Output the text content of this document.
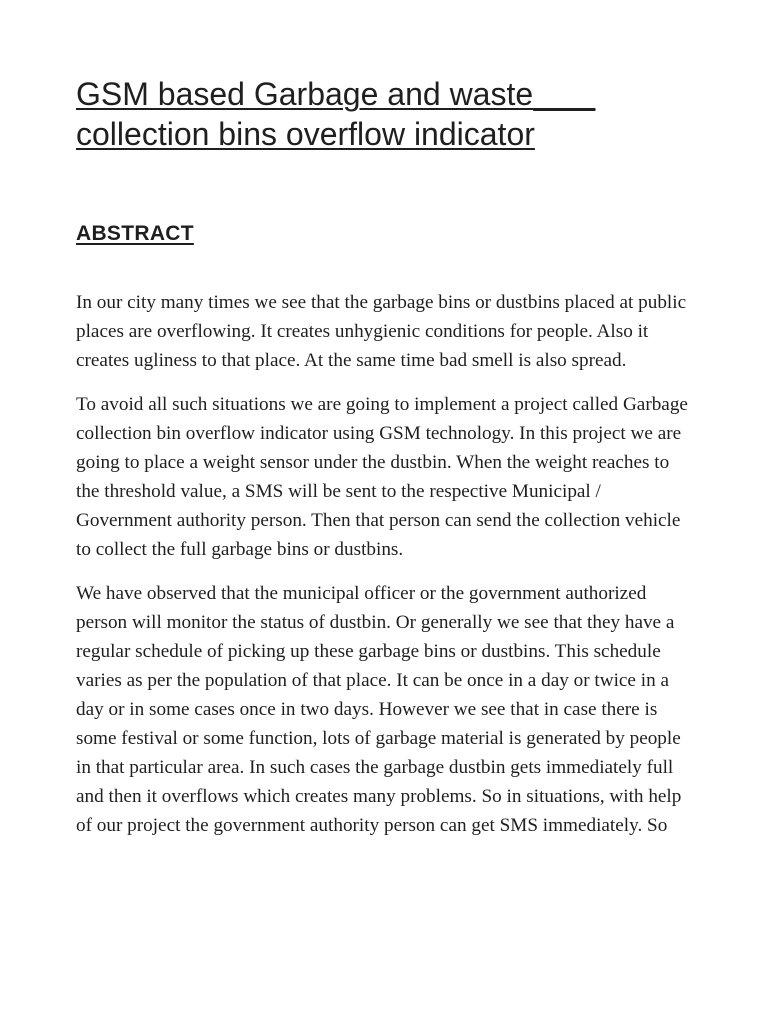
GSM based Garbage and waste
collection bins overflow indicator
ABSTRACT

In our city many times we see that the garbage bins or dustbins placed at public places are overflowing. It creates unhygienic conditions for people. Also it creates ugliness to that place. At the same time bad smell is also spread.

To avoid all such situations we are going to implement a project called Garbage collection bin overflow indicator using GSM technology. In this project we are going to place a weight sensor under the dustbin. When the weight reaches to the threshold value, a SMS will be sent to the respective Municipal / Government authority person. Then that person can send the collection vehicle to collect the full garbage bins or dustbins.

We have observed that the municipal officer or the government authorized person will monitor the status of dustbin. Or generally we see that they have a regular schedule of picking up these garbage bins or dustbins. This schedule varies as per the population of that place. It can be once in a day or twice in a day or in some cases once in two days. However we see that in case there is some festival or some function, lots of garbage material is generated by people in that particular area. In such cases the garbage dustbin gets immediately full and then it overflows which creates many problems. So in situations, with help of our project the government authority person can get SMS immediately. So
